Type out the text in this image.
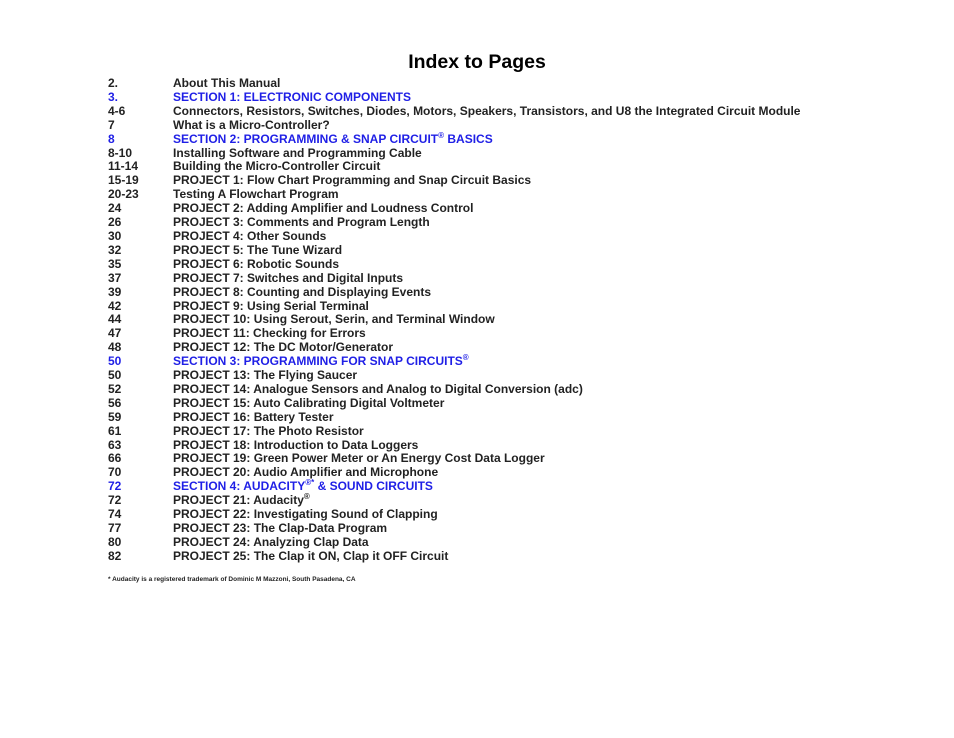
Index to Pages
2.	About This Manual
3.	SECTION 1: ELECTRONIC COMPONENTS
4-6	Connectors, Resistors, Switches, Diodes, Motors, Speakers, Transistors, and U8 the Integrated Circuit Module
7	What is a Micro-Controller?
8	SECTION 2: PROGRAMMING & SNAP CIRCUIT® BASICS
8-10	Installing Software and Programming Cable
11-14	Building the Micro-Controller Circuit
15-19	PROJECT 1: Flow Chart Programming and Snap Circuit Basics
20-23	Testing A Flowchart Program
24	PROJECT 2: Adding Amplifier and Loudness Control
26	PROJECT 3: Comments and Program Length
30	PROJECT 4: Other Sounds
32	PROJECT 5: The Tune Wizard
35	PROJECT 6: Robotic Sounds
37	PROJECT 7: Switches and Digital Inputs
39	PROJECT 8: Counting and Displaying Events
42	PROJECT 9: Using Serial Terminal
44	PROJECT 10: Using Serout, Serin, and Terminal Window
47	PROJECT 11: Checking for Errors
48	PROJECT 12: The DC Motor/Generator
50	SECTION 3: PROGRAMMING FOR SNAP CIRCUITS®
50	PROJECT 13: The Flying Saucer
52	PROJECT 14: Analogue Sensors and Analog to Digital Conversion (adc)
56	PROJECT 15: Auto Calibrating Digital Voltmeter
59	PROJECT 16: Battery Tester
61	PROJECT 17: The Photo Resistor
63	PROJECT 18: Introduction to Data Loggers
66	PROJECT 19: Green Power Meter or An Energy Cost Data Logger
70	PROJECT 20: Audio Amplifier and Microphone
72	SECTION 4: AUDACITY®* & SOUND CIRCUITS
72	PROJECT 21: Audacity®
74	PROJECT 22: Investigating Sound of Clapping
77	PROJECT 23: The Clap-Data Program
80	PROJECT 24: Analyzing Clap Data
82	PROJECT 25: The Clap it ON, Clap it OFF Circuit
* Audacity is a registered trademark of Dominic M Mazzoni, South Pasadena, CA
